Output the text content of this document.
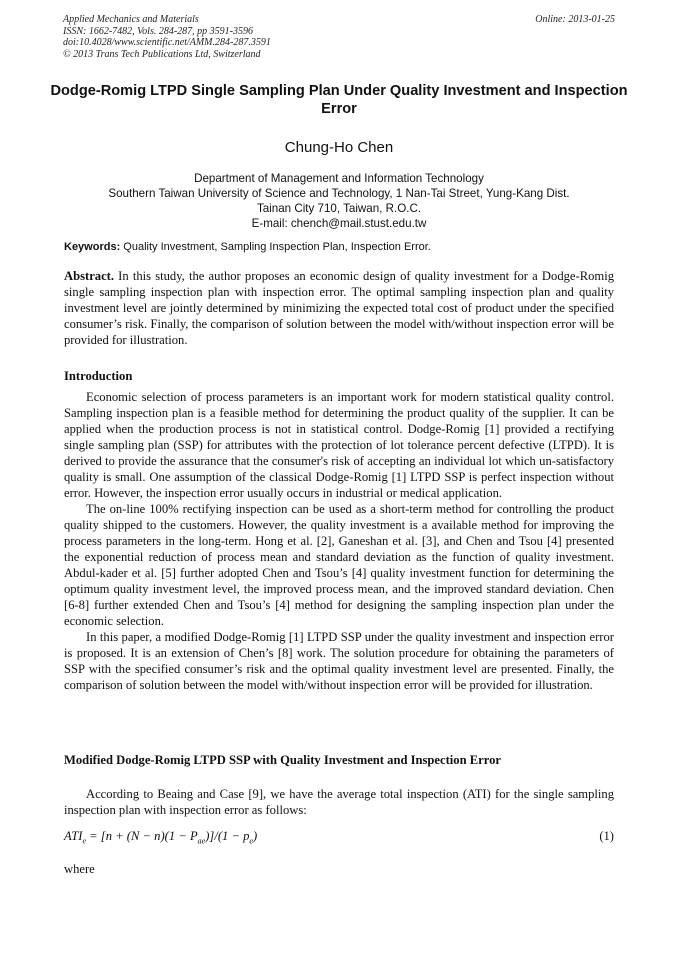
Applied Mechanics and Materials
ISSN: 1662-7482, Vols. 284-287, pp 3591-3596
doi:10.4028/www.scientific.net/AMM.284-287.3591
© 2013 Trans Tech Publications Ltd, Switzerland
Online: 2013-01-25
Dodge-Romig LTPD Single Sampling Plan Under Quality Investment and Inspection Error
Chung-Ho Chen
Department of Management and Information Technology
Southern Taiwan University of Science and Technology, 1 Nan-Tai Street, Yung-Kang Dist.
Tainan City 710, Taiwan, R.O.C.
E-mail: chench@mail.stust.edu.tw
Keywords: Quality Investment, Sampling Inspection Plan, Inspection Error.
Abstract. In this study, the author proposes an economic design of quality investment for a Dodge-Romig single sampling inspection plan with inspection error. The optimal sampling inspection plan and quality investment level are jointly determined by minimizing the expected total cost of product under the specified consumer’s risk. Finally, the comparison of solution between the model with/without inspection error will be provided for illustration.
Introduction

Economic selection of process parameters is an important work for modern statistical quality control. Sampling inspection plan is a feasible method for determining the product quality of the supplier. It can be applied when the production process is not in statistical control. Dodge-Romig [1] provided a rectifying single sampling plan (SSP) for attributes with the protection of lot tolerance percent defective (LTPD). It is derived to provide the assurance that the consumer's risk of accepting an individual lot which un-satisfactory quality is small. One assumption of the classical Dodge-Romig [1] LTPD SSP is perfect inspection without error. However, the inspection error usually occurs in industrial or medical application.

The on-line 100% rectifying inspection can be used as a short-term method for controlling the product quality shipped to the customers. However, the quality investment is a available method for improving the process parameters in the long-term. Hong et al. [2], Ganeshan et al. [3], and Chen and Tsou [4] presented the exponential reduction of process mean and standard deviation as the function of quality investment. Abdul-kader et al. [5] further adopted Chen and Tsou’s [4] quality investment function for determining the optimum quality investment level, the improved process mean, and the improved standard deviation. Chen [6-8] further extended Chen and Tsou’s [4] method for designing the sampling inspection plan under the economic selection.

In this paper, a modified Dodge-Romig [1] LTPD SSP under the quality investment and inspection error is proposed. It is an extension of Chen’s [8] work. The solution procedure for obtaining the parameters of SSP with the specified consumer’s risk and the optimal quality investment level are presented. Finally, the comparison of solution between the model with/without inspection error will be provided for illustration.

Modified Dodge-Romig LTPD SSP with Quality Investment and Inspection Error

According to Beaing and Case [9], we have the average total inspection (ATI) for the single sampling inspection plan with inspection error as follows:

$ATI_e = [n + (N - n)(1 - P_{ae})]/(1 - p_e)$	(1)
where
